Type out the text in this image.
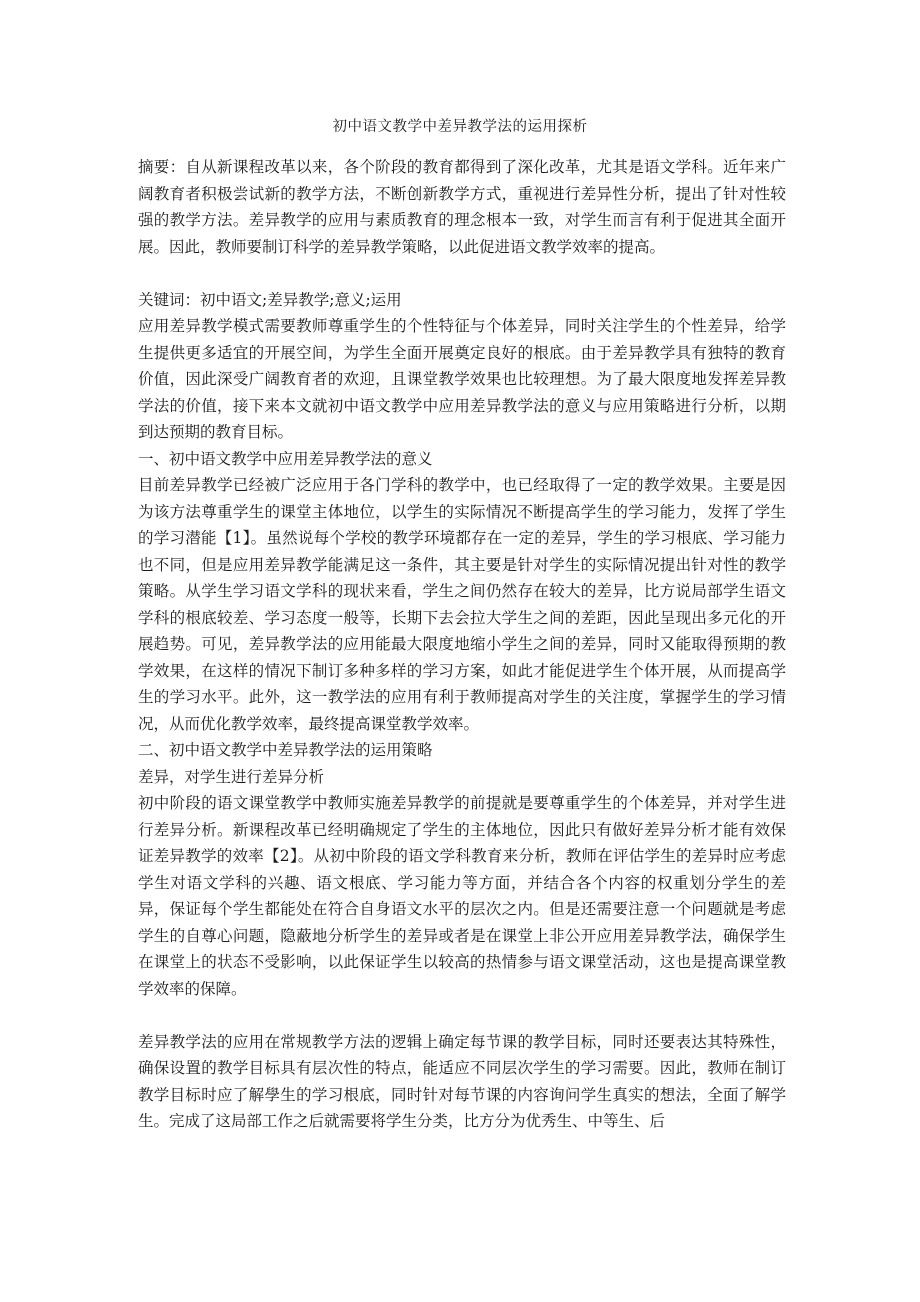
初中语文教学中差异教学法的运用探析

摘要：自从新课程改革以来，各个阶段的教育都得到了深化改革，尤其是语文学科。近年来广阔教育者积极尝试新的教学方法，不断创新教学方式，重视进行差异性分析，提出了针对性较强的教学方法。差异教学的应用与素质教育的理念根本一致，对学生而言有利于促进其全面开展。因此，教师要制订科学的差异教学策略，以此促进语文教学效率的提高。

关键词：初中语文;差异教学;意义;运用

应用差异教学模式需要教师尊重学生的个性特征与个体差异，同时关注学生的个性差异，给学生提供更多适宜的开展空间，为学生全面开展奠定良好的根底。由于差异教学具有独特的教育价值，因此深受广阔教育者的欢迎，且课堂教学效果也比较理想。为了最大限度地发挥差异教学法的价值，接下来本文就初中语文教学中应用差异教学法的意义与应用策略进行分析，以期到达预期的教育目标。

一、初中语文教学中应用差异教学法的意义

目前差异教学已经被广泛应用于各门学科的教学中，也已经取得了一定的教学效果。主要是因为该方法尊重学生的课堂主体地位，以学生的实际情况不断提高学生的学习能力，发挥了学生的学习潜能【1】。虽然说每个学校的教学环境都存在一定的差异，学生的学习根底、学习能力也不同，但是应用差异教学能满足这一条件，其主要是针对学生的实际情况提出针对性的教学策略。从学生学习语文学科的现状来看，学生之间仍然存在较大的差异，比方说局部学生语文学科的根底较差、学习态度一般等，长期下去会拉大学生之间的差距，因此呈现出多元化的开展趋势。可见，差异教学法的应用能最大限度地缩小学生之间的差异，同时又能取得预期的教学效果，在这样的情况下制订多种多样的学习方案，如此才能促进学生个体开展，从而提高学生的学习水平。此外，这一教学法的应用有利于教师提高对学生的关注度，掌握学生的学习情况，从而优化教学效率，最终提高课堂教学效率。

二、初中语文教学中差异教学法的运用策略

差异，对学生进行差异分析

初中阶段的语文课堂教学中教师实施差异教学的前提就是要尊重学生的个体差异，并对学生进行差异分析。新课程改革已经明确规定了学生的主体地位，因此只有做好差异分析才能有效保证差异教学的效率【2】。从初中阶段的语文学科教育来分析，教师在评估学生的差异时应考虑学生对语文学科的兴趣、语文根底、学习能力等方面，并结合各个内容的权重划分学生的差异，保证每个学生都能处在符合自身语文水平的层次之内。但是还需要注意一个问题就是考虑学生的自尊心问题，隐蔽地分析学生的差异或者是在课堂上非公开应用差异教学法，确保学生在课堂上的状态不受影响，以此保证学生以较高的热情参与语文课堂活动，这也是提高课堂教学效率的保障。

差异教学法的应用在常规教学方法的逻辑上确定每节课的教学目标，同时还要表达其特殊性，确保设置的教学目标具有层次性的特点，能适应不同层次学生的学习需要。因此，教师在制订教学目标时应了解學生的学习根底，同时针对每节课的内容询问学生真实的想法，全面了解学生。完成了这局部工作之后就需要将学生分类，比方分为优秀生、中等生、后
